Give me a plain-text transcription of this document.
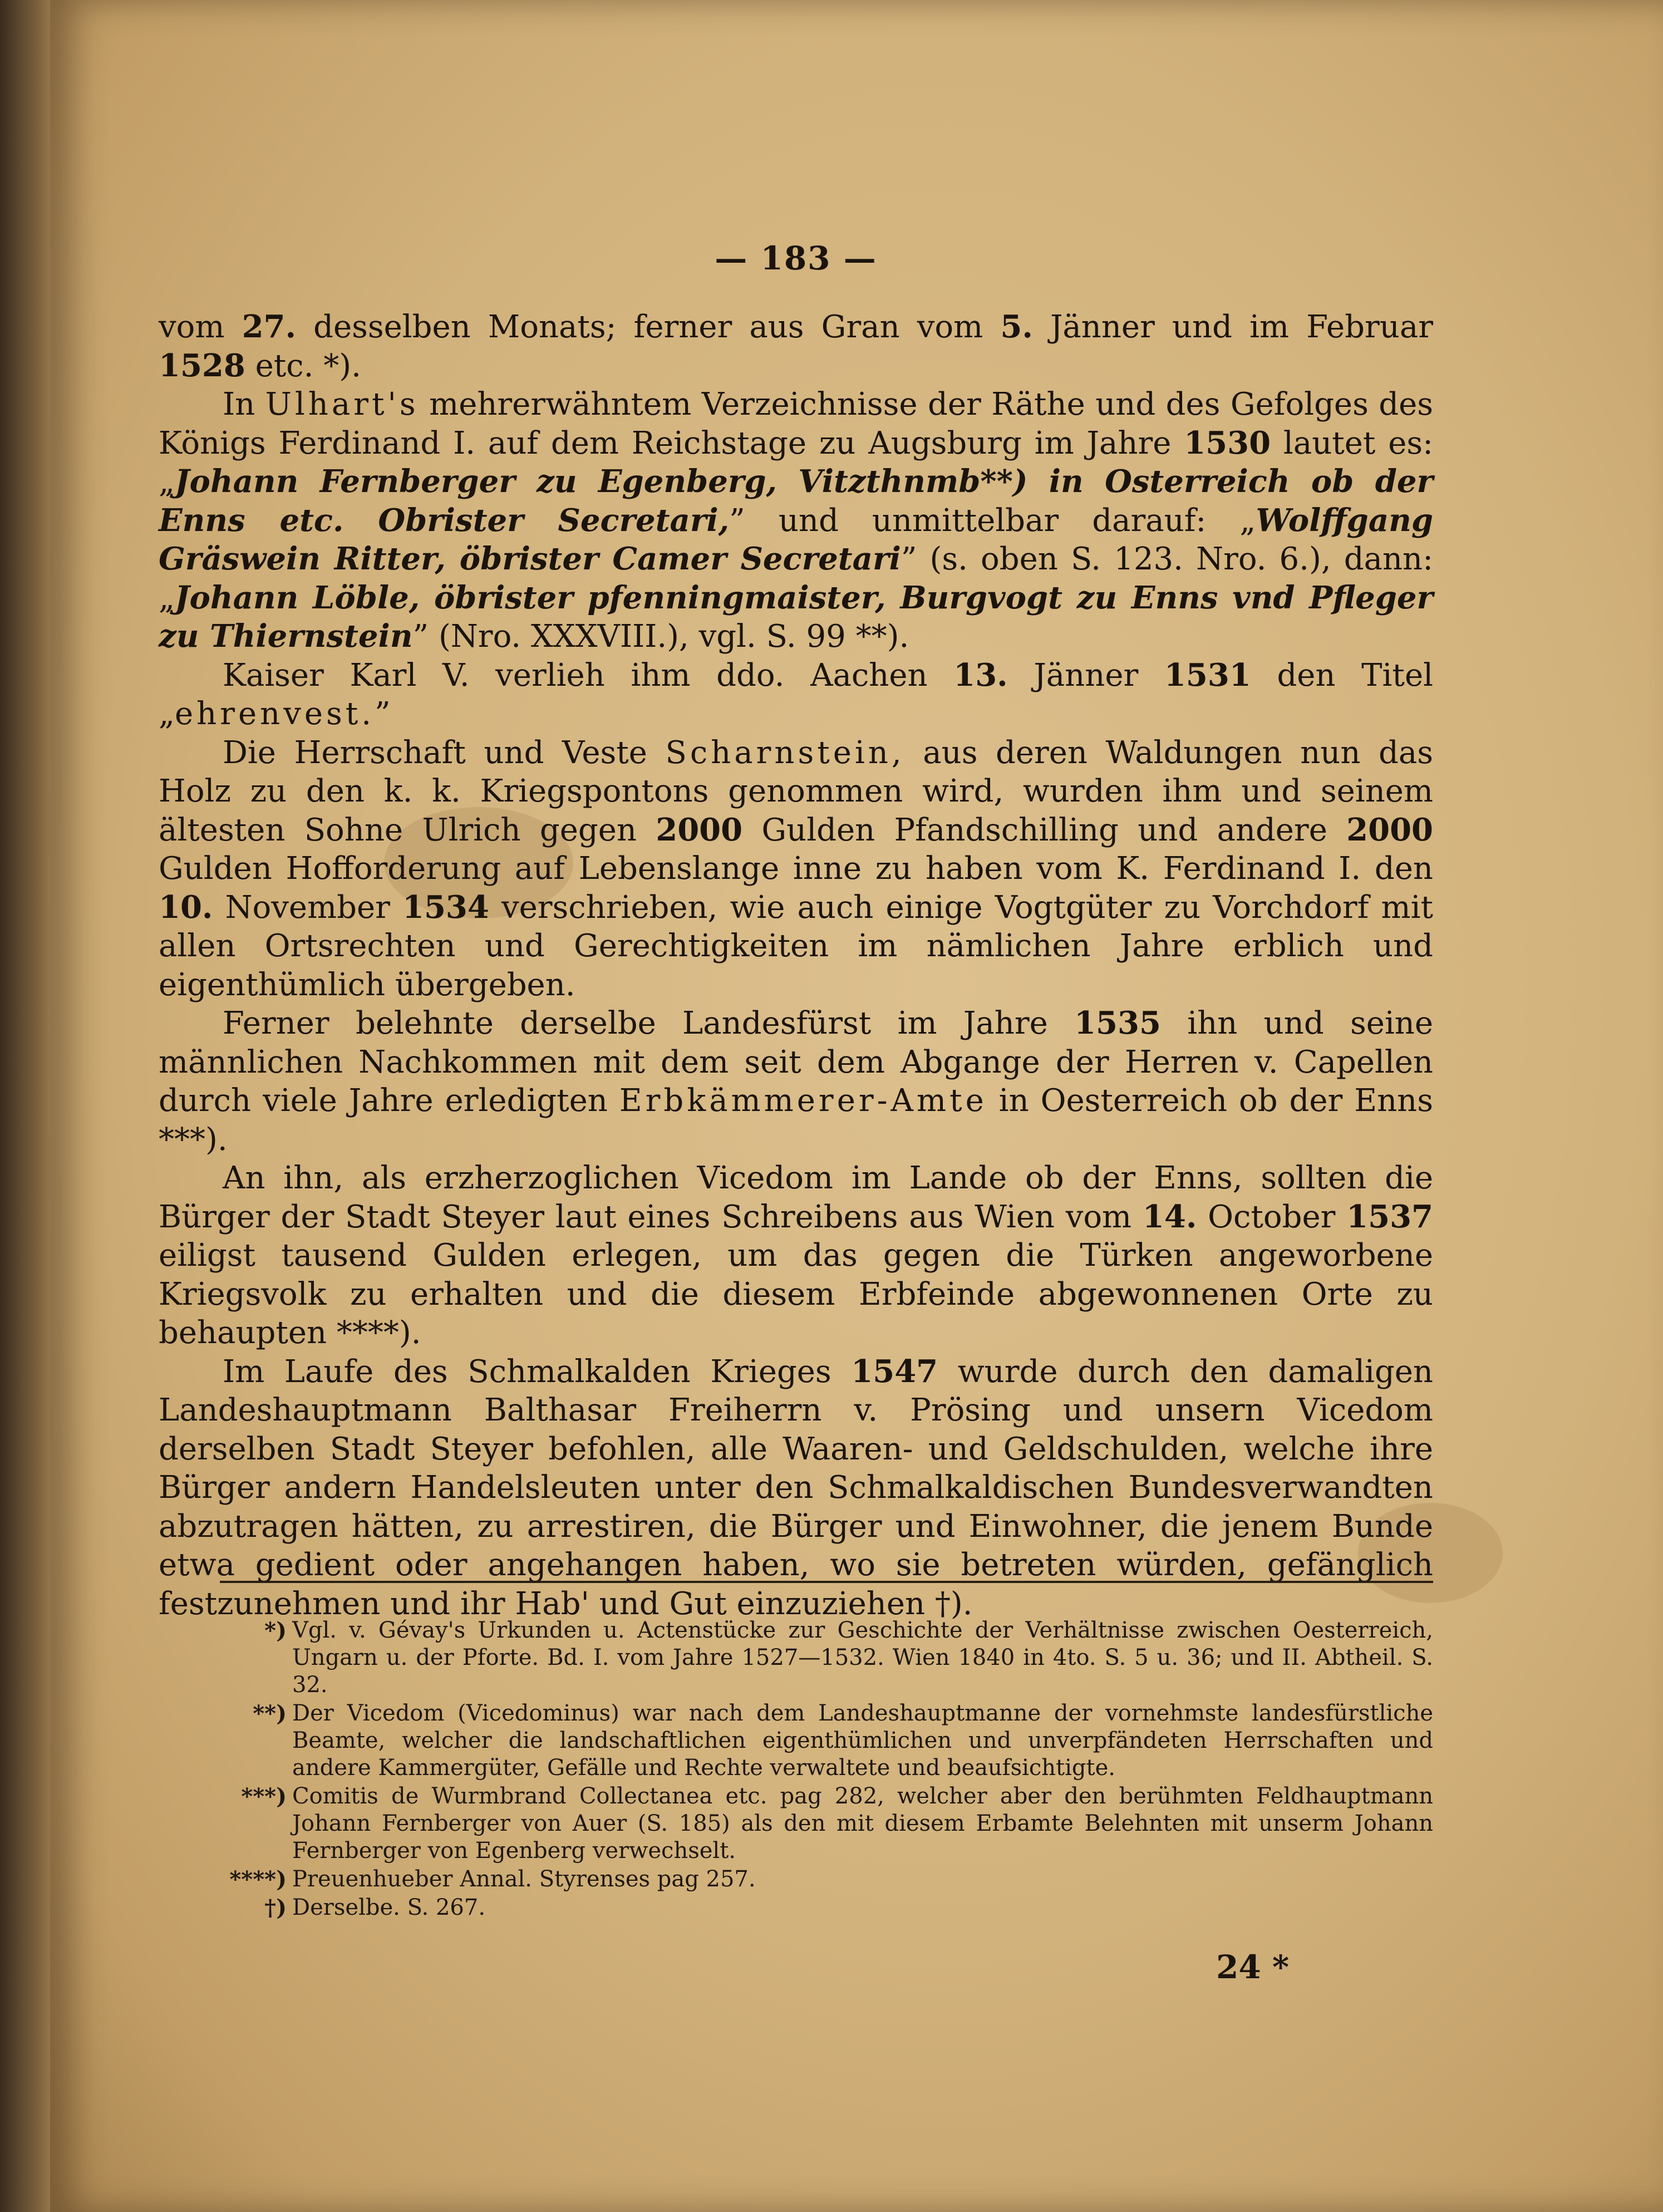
— 183 —

vom 27. desselben Monats; ferner aus Gran vom 5. Jänner und im Februar 1528 etc. *).

In Ulhart's mehrerwähntem Verzeichnisse der Räthe und des Gefolges des Königs Ferdinand I. auf dem Reichstage zu Augsburg im Jahre 1530 lautet es: „Johann Fernberger zu Egenberg, Vitzthnmb**) in Osterreich ob der Enns etc. Obrister Secretari,” und unmittelbar darauf: „Wolffgang Gräswein Ritter, öbrister Camer Secretari” (s. oben S. 123. Nro. 6.), dann: „Johann Löble, öbrister pfenningmaister, Burgvogt zu Enns vnd Pfleger zu Thiernstein” (Nro. XXXVIII.), vgl. S. 99 **).

Kaiser Karl V. verlieh ihm ddo. Aachen 13. Jänner 1531 den Titel „ehrenvest.”

Die Herrschaft und Veste Scharnstein, aus deren Waldungen nun das Holz zu den k. k. Kriegspontons genommen wird, wurden ihm und seinem ältesten Sohne Ulrich gegen 2000 Gulden Pfandschilling und andere 2000 Gulden Hofforderung auf Lebenslange inne zu haben vom K. Ferdinand I. den 10. November 1534 verschrieben, wie auch einige Vogtgüter zu Vorchdorf mit allen Ortsrechten und Gerechtigkeiten im nämlichen Jahre erblich und eigenthümlich übergeben.

Ferner belehnte derselbe Landesfürst im Jahre 1535 ihn und seine männlichen Nachkommen mit dem seit dem Abgange der Herren v. Capellen durch viele Jahre erledigten Erbkämmerer-Amte in Oesterreich ob der Enns ***).

An ihn, als erzherzoglichen Vicedom im Lande ob der Enns, sollten die Bürger der Stadt Steyer laut eines Schreibens aus Wien vom 14. October 1537 eiligst tausend Gulden erlegen, um das gegen die Türken angeworbene Kriegsvolk zu erhalten und die diesem Erbfeinde abgewonnenen Orte zu behaupten ****).

Im Laufe des Schmalkalden Krieges 1547 wurde durch den damaligen Landeshauptmann Balthasar Freiherrn v. Prösing und unsern Vicedom derselben Stadt Steyer befohlen, alle Waaren- und Geldschulden, welche ihre Bürger andern Handelsleuten unter den Schmalkaldischen Bundesverwandten abzutragen hätten, zu arrestiren, die Bürger und Einwohner, die jenem Bunde etwa gedient oder angehangen haben, wo sie betreten würden, gefänglich festzunehmen und ihr Hab' und Gut einzuziehen †).

*) Vgl. v. Gévay's Urkunden u. Actenstücke zur Geschichte der Verhältnisse zwischen Oesterreich, Ungarn u. der Pforte. Bd. I. vom Jahre 1527—1532. Wien 1840 in 4to. S. 5 u. 36; und II. Abtheil. S. 32.

**) Der Vicedom (Vicedominus) war nach dem Landeshauptmanne der vornehmste landesfürstliche Beamte, welcher die landschaftlichen eigenthümlichen und unverpfändeten Herrschaften und andere Kammergüter, Gefälle und Rechte verwaltete und beaufsichtigte.

***) Comitis de Wurmbrand Collectanea etc. pag 282, welcher aber den berühmten Feldhauptmann Johann Fernberger von Auer (S. 185) als den mit diesem Erbamte Belehnten mit unserm Johann Fernberger von Egenberg verwechselt.

****) Preuenhueber Annal. Styrenses pag 257.

†) Derselbe. S. 267.

24 *
